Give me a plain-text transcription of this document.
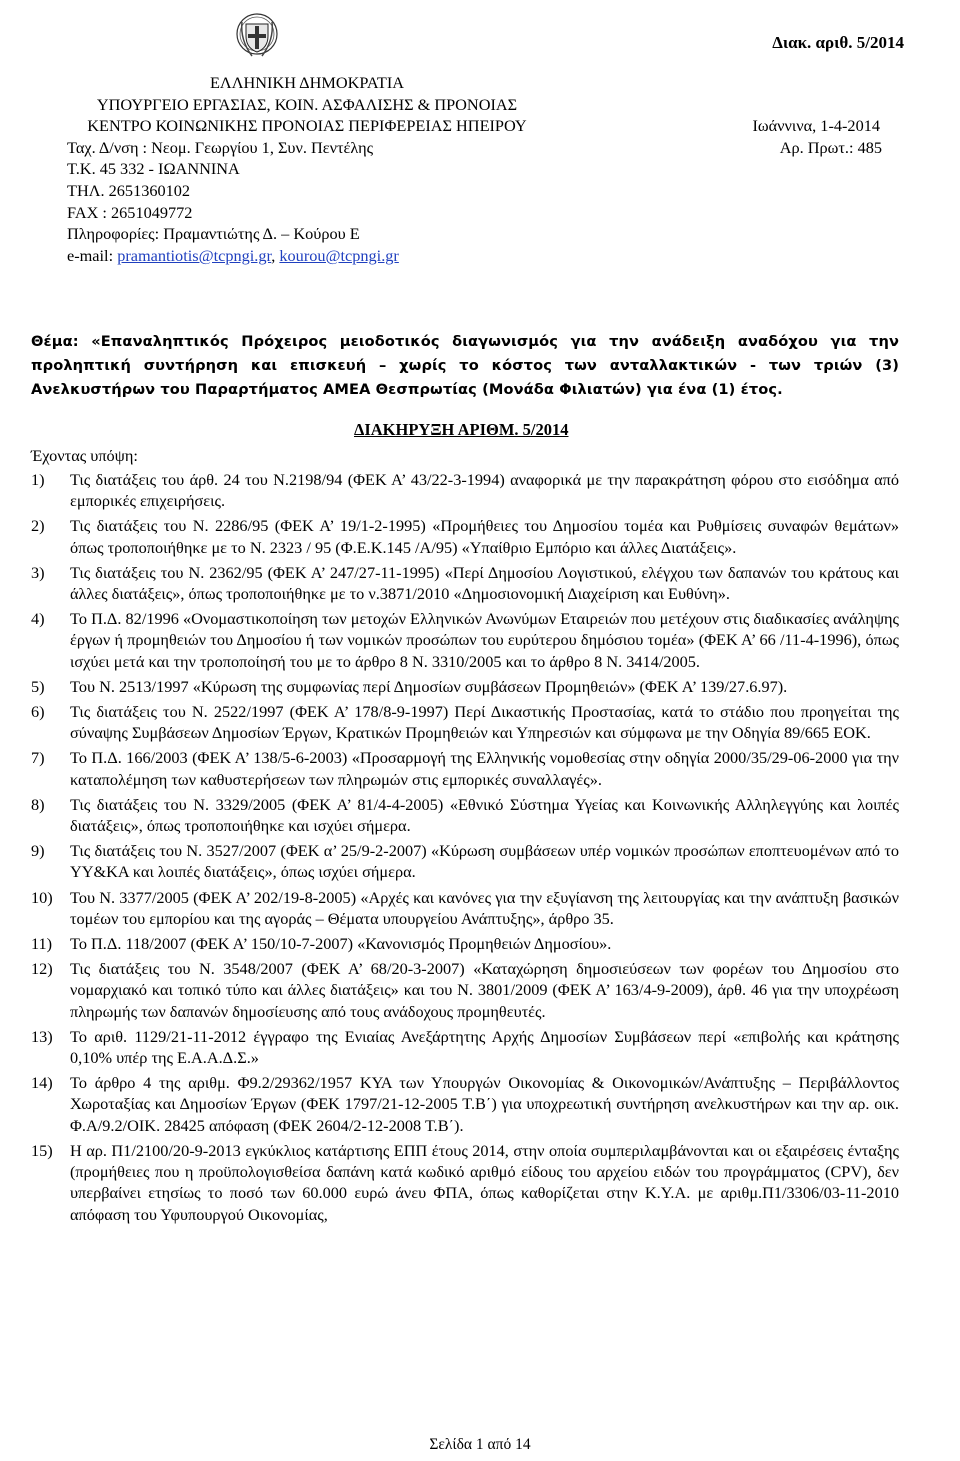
Διακ. αριθ. 5/2014
ΕΛΛΗΝΙΚΗ ΔΗΜΟΚΡΑΤΙΑ
ΥΠΟΥΡΓΕΙΟ ΕΡΓΑΣΙΑΣ, ΚΟΙΝ. ΑΣΦΑΛΙΣΗΣ & ΠΡΟΝΟΙΑΣ
ΚΕΝΤΡΟ ΚΟΙΝΩΝΙΚΗΣ ΠΡΟΝΟΙΑΣ ΠΕΡΙΦΕΡΕΙΑΣ ΗΠΕΙΡΟΥ
Ταχ. Δ/νση : Νεομ. Γεωργίου 1, Συν. Πεντέλης
Τ.Κ. 45 332 - ΙΩΑΝΝΙΝΑ
ΤΗΛ. 2651360102
FAX : 2651049772
Πληροφορίες: Πραμαντιώτης Δ. – Κούρου Ε
e-mail: pramantiotis@tcpngi.gr, kourou@tcpngi.gr
Ιωάννινα, 1-4-2014
Αρ. Πρωτ.: 485
Θέμα: «Επαναληπτικός Πρόχειρος μειοδοτικός διαγωνισμός για την ανάδειξη αναδόχου για την προληπτική συντήρηση και επισκευή – χωρίς το κόστος των ανταλλακτικών - των τριών (3) Ανελκυστήρων του Παραρτήματος ΑΜΕΑ Θεσπρωτίας (Μονάδα Φιλιατών) για ένα (1) έτος.
ΔΙΑΚΗΡΥΞΗ ΑΡΙΘΜ. 5/2014
Έχοντας υπόψη:
1)	Τις διατάξεις του άρθ. 24 του Ν.2198/94 (ΦΕΚ Α’ 43/22-3-1994) αναφορικά με την παρακράτηση φόρου στο εισόδημα από εμπορικές επιχειρήσεις.
2)	Τις διατάξεις του Ν. 2286/95 (ΦΕΚ Α’ 19/1-2-1995) «Προμήθειες του Δημοσίου τομέα και Ρυθμίσεις συναφών θεμάτων» όπως τροποποιήθηκε με το Ν. 2323 / 95 (Φ.Ε.Κ.145 /Α/95) «Υπαίθριο Εμπόριο και άλλες Διατάξεις».
3)	Τις διατάξεις του Ν. 2362/95 (ΦΕΚ Α’ 247/27-11-1995) «Περί Δημοσίου Λογιστικού, ελέγχου των δαπανών του κράτους και άλλες διατάξεις», όπως τροποποιήθηκε με το ν.3871/2010 «Δημοσιονομική Διαχείριση και Ευθύνη».
4)	Το Π.Δ. 82/1996 «Ονομαστικοποίηση των μετοχών Ελληνικών Ανωνύμων Εταιρειών που μετέχουν στις διαδικασίες ανάληψης έργων ή προμηθειών του Δημοσίου ή των νομικών προσώπων του ευρύτερου δημόσιου τομέα» (ΦΕΚ Α’ 66 /11-4-1996), όπως ισχύει μετά και την τροποποίησή του με το άρθρο 8 Ν. 3310/2005 και το άρθρο 8 Ν. 3414/2005.
5)	Του Ν. 2513/1997 «Κύρωση της συμφωνίας περί Δημοσίων συμβάσεων Προμηθειών» (ΦΕΚ Α’ 139/27.6.97).
6)	Τις διατάξεις του Ν. 2522/1997 (ΦΕΚ Α’ 178/8-9-1997) Περί Δικαστικής Προστασίας, κατά το στάδιο που προηγείται της σύναψης Συμβάσεων Δημοσίων Έργων, Κρατικών Προμηθειών και Υπηρεσιών και σύμφωνα με την Οδηγία 89/665 ΕΟΚ.
7)	Το Π.Δ. 166/2003 (ΦΕΚ Α’ 138/5-6-2003) «Προσαρμογή της Ελληνικής νομοθεσίας στην οδηγία 2000/35/29-06-2000 για την καταπολέμηση των καθυστερήσεων των πληρωμών στις εμπορικές συναλλαγές».
8)	Τις διατάξεις του Ν. 3329/2005 (ΦΕΚ Α’ 81/4-4-2005) «Εθνικό Σύστημα Υγείας και Κοινωνικής Αλληλεγγύης και λοιπές διατάξεις», όπως τροποποιήθηκε και ισχύει σήμερα.
9)	Τις διατάξεις του Ν. 3527/2007 (ΦΕΚ α’ 25/9-2-2007) «Κύρωση συμβάσεων υπέρ νομικών προσώπων εποπτευομένων από το ΥΥ&ΚΑ και λοιπές διατάξεις», όπως ισχύει σήμερα.
10)	Του Ν. 3377/2005 (ΦΕΚ Α’ 202/19-8-2005) «Αρχές και κανόνες για την εξυγίανση της λειτουργίας και την ανάπτυξη βασικών τομέων του εμπορίου και της αγοράς – Θέματα υπουργείου Ανάπτυξης», άρθρο 35.
11)	Το Π.Δ. 118/2007 (ΦΕΚ Α’ 150/10-7-2007) «Κανονισμός Προμηθειών Δημοσίου».
12)	Τις διατάξεις του Ν. 3548/2007 (ΦΕΚ Α’ 68/20-3-2007) «Καταχώρηση δημοσιεύσεων των φορέων του Δημοσίου στο νομαρχιακό και τοπικό τύπο και άλλες διατάξεις» και του Ν. 3801/2009 (ΦΕΚ Α’ 163/4-9-2009), άρθ. 46 για την υποχρέωση πληρωμής των δαπανών δημοσίευσης από τους ανάδοχους προμηθευτές.
13)	Το αριθ. 1129/21-11-2012 έγγραφο της Ενιαίας Ανεξάρτητης Αρχής Δημοσίων Συμβάσεων περί «επιβολής και κράτησης 0,10% υπέρ της Ε.Α.Α.Δ.Σ.»
14)	Το άρθρο 4 της αριθμ. Φ9.2/29362/1957 ΚΥΑ των Υπουργών Οικονομίας & Οικονομικών/Ανάπτυξης – Περιβάλλοντος Χωροταξίας και Δημοσίων Έργων (ΦΕΚ 1797/21-12-2005 Τ.Β΄) για υποχρεωτική συντήρηση ανελκυστήρων και την αρ. οικ. Φ.Α/9.2/ΟΙΚ. 28425 απόφαση (ΦΕΚ 2604/2-12-2008 Τ.Β΄).
15)	Η αρ. Π1/2100/20-9-2013 εγκύκλιος κατάρτισης ΕΠΠ έτους 2014, στην οποία συμπεριλαμβάνονται και οι εξαιρέσεις ένταξης (προμήθειες που η προϋπολογισθείσα δαπάνη κατά κωδικό αριθμό είδους του αρχείου ειδών του προγράμματος (CPV), δεν υπερβαίνει ετησίως το ποσό των 60.000 ευρώ άνευ ΦΠΑ, όπως καθορίζεται στην Κ.Υ.Α. με αριθμ.Π1/3306/03-11-2010 απόφαση του Υφυπουργού Οικονομίας,
Σελίδα 1 από 14
